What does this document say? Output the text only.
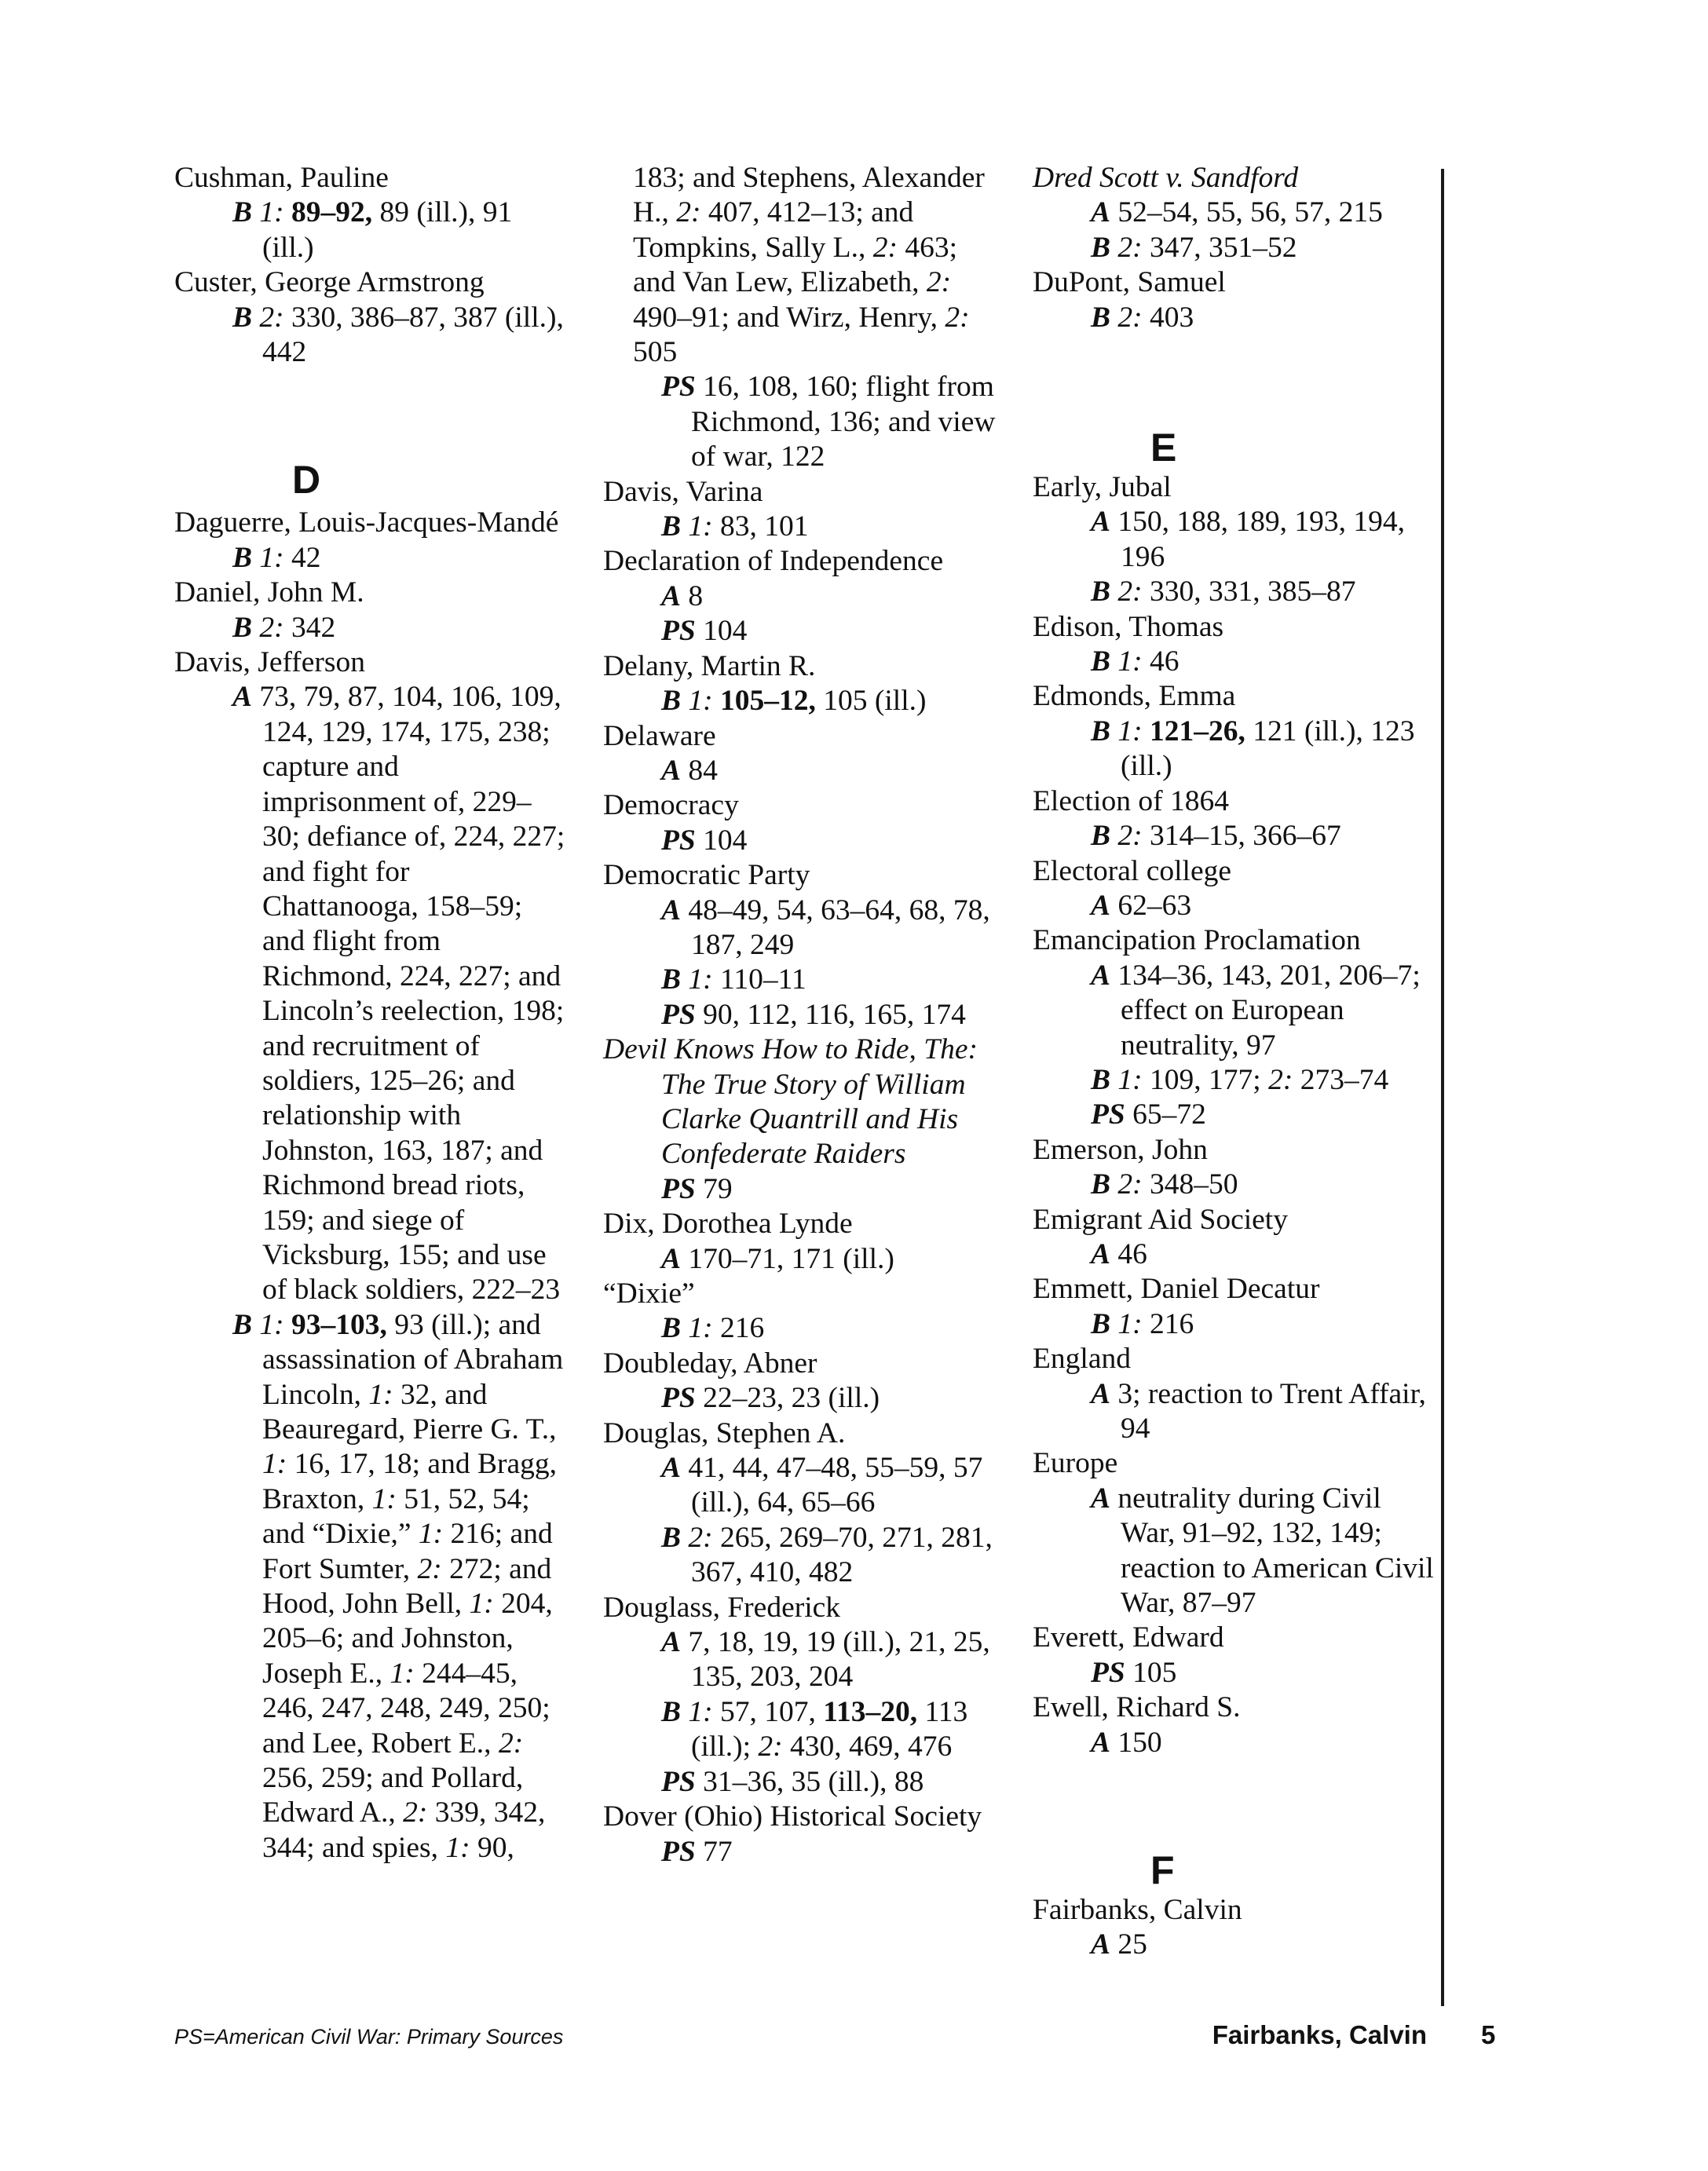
Cushman, Pauline
B 1: 89–92, 89 (ill.), 91 (ill.)
Custer, George Armstrong
B 2: 330, 386–87, 387 (ill.), 442
D
Daguerre, Louis-Jacques-Mandé
B 1: 42
Daniel, John M.
B 2: 342
Davis, Jefferson
A 73, 79, 87, 104, 106, 109, 124, 129, 174, 175, 238; capture and imprisonment of, 229–30; defiance of, 224, 227; and fight for Chattanooga, 158–59; and flight from Richmond, 224, 227; and Lincoln’s reelection, 198; and recruitment of soldiers, 125–26; and relationship with Johnston, 163, 187; and Richmond bread riots, 159; and siege of Vicksburg, 155; and use of black soldiers, 222–23
B 1: 93–103, 93 (ill.); and assassination of Abraham Lincoln, 1: 32, and Beauregard, Pierre G. T., 1: 16, 17, 18; and Bragg, Braxton, 1: 51, 52, 54; and “Dixie,” 1: 216; and Fort Sumter, 2: 272; and Hood, John Bell, 1: 204, 205–6; and Johnston, Joseph E., 1: 244–45, 246, 247, 248, 249, 250; and Lee, Robert E., 2: 256, 259; and Pollard, Edward A., 2: 339, 342, 344; and spies, 1: 90,
183; and Stephens, Alexander H., 2: 407, 412–13; and Tompkins, Sally L., 2: 463; and Van Lew, Elizabeth, 2: 490–91; and Wirz, Henry, 2: 505
PS 16, 108, 160; flight from Richmond, 136; and view of war, 122
Davis, Varina
B 1: 83, 101
Declaration of Independence
A 8
PS 104
Delany, Martin R.
B 1: 105–12, 105 (ill.)
Delaware
A 84
Democracy
PS 104
Democratic Party
A 48–49, 54, 63–64, 68, 78, 187, 249
B 1: 110–11
PS 90, 112, 116, 165, 174
Devil Knows How to Ride, The: The True Story of William Clarke Quantrill and His Confederate Raiders
PS 79
Dix, Dorothea Lynde
A 170–71, 171 (ill.)
“Dixie”
B 1: 216
Doubleday, Abner
PS 22–23, 23 (ill.)
Douglas, Stephen A.
A 41, 44, 47–48, 55–59, 57 (ill.), 64, 65–66
B 2: 265, 269–70, 271, 281, 367, 410, 482
Douglass, Frederick
A 7, 18, 19, 19 (ill.), 21, 25, 135, 203, 204
B 1: 57, 107, 113–20, 113 (ill.); 2: 430, 469, 476
PS 31–36, 35 (ill.), 88
Dover (Ohio) Historical Society
PS 77
Dred Scott v. Sandford
A 52–54, 55, 56, 57, 215
B 2: 347, 351–52
DuPont, Samuel
B 2: 403
E
Early, Jubal
A 150, 188, 189, 193, 194, 196
B 2: 330, 331, 385–87
Edison, Thomas
B 1: 46
Edmonds, Emma
B 1: 121–26, 121 (ill.), 123 (ill.)
Election of 1864
B 2: 314–15, 366–67
Electoral college
A 62–63
Emancipation Proclamation
A 134–36, 143, 201, 206–7; effect on European neutrality, 97
B 1: 109, 177; 2: 273–74
PS 65–72
Emerson, John
B 2: 348–50
Emigrant Aid Society
A 46
Emmett, Daniel Decatur
B 1: 216
England
A 3; reaction to Trent Affair, 94
Europe
A neutrality during Civil War, 91–92, 132, 149; reaction to American Civil War, 87–97
Everett, Edward
PS 105
Ewell, Richard S.
A 150
F
Fairbanks, Calvin
A 25
PS=American Civil War: Primary Sources	Fairbanks, Calvin 5
